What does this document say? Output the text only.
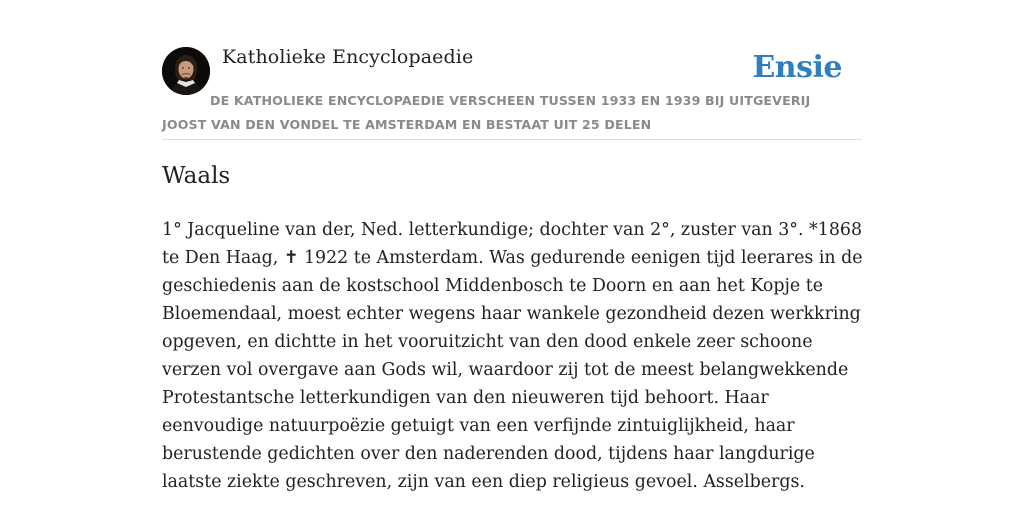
Katholieke Encyclopaedie	Ensie
DE KATHOLIEKE ENCYCLOPAEDIE VERSCHEEN TUSSEN 1933 EN 1939 BIJ UITGEVERIJ JOOST VAN DEN VONDEL TE AMSTERDAM EN BESTAAT UIT 25 DELEN
Waals

1° Jacqueline van der, Ned. letterkundige; dochter van 2°, zuster van 3°. *1868 te Den Haag, ✝ 1922 te Amsterdam. Was gedurende eenigen tijd leerares in de geschiedenis aan de kostschool Middenbosch te Doorn en aan het Kopje te Bloemendaal, moest echter wegens haar wankele gezondheid dezen werkkring opgeven, en dichtte in het vooruitzicht van den dood enkele zeer schoone verzen vol overgave aan Gods wil, waardoor zij tot de meest belangwekkende Protestantsche letterkundigen van den nieuweren tijd behoort. Haar eenvoudige natuurpoëzie getuigt van een verfijnde zintuiglijkheid, haar berustende gedichten over den naderenden dood, tijdens haar langdurige laatste ziekte geschreven, zijn van een diep religieus gevoel. Asselbergs.
